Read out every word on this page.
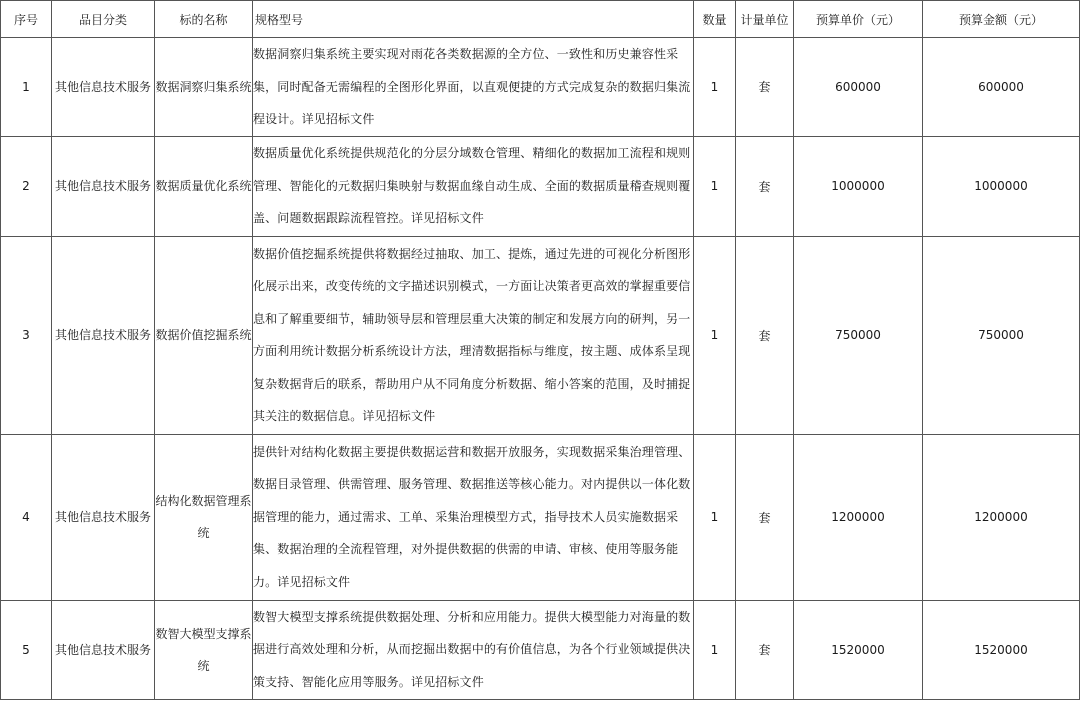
序号	品目分类	标的名称	规格型号	数量	计量单位	预算单价（元）	预算金额（元）
1	其他信息技术服务	数据洞察归集系统	数据洞察归集系统主要实现对雨花各类数据源的全方位、一致性和历史兼容性采集，同时配备无需编程的全图形化界面，以直观便捷的方式完成复杂的数据归集流程设计。详见招标文件	1	套	600000	600000
2	其他信息技术服务	数据质量优化系统	数据质量优化系统提供规范化的分层分域数仓管理、精细化的数据加工流程和规则管理、智能化的元数据归集映射与数据血缘自动生成、全面的数据质量稽查规则覆盖、问题数据跟踪流程管控。详见招标文件	1	套	1000000	1000000
3	其他信息技术服务	数据价值挖掘系统	数据价值挖掘系统提供将数据经过抽取、加工、提炼，通过先进的可视化分析图形化展示出来，改变传统的文字描述识别模式，一方面让决策者更高效的掌握重要信息和了解重要细节，辅助领导层和管理层重大决策的制定和发展方向的研判，另一方面利用统计数据分析系统设计方法，理清数据指标与维度，按主题、成体系呈现复杂数据背后的联系，帮助用户从不同角度分析数据、缩小答案的范围，及时捕捉其关注的数据信息。详见招标文件	1	套	750000	750000
4	其他信息技术服务	结构化数据管理系统	提供针对结构化数据主要提供数据运营和数据开放服务，实现数据采集治理管理、数据目录管理、供需管理、服务管理、数据推送等核心能力。对内提供以一体化数据管理的能力，通过需求、工单、采集治理模型方式，指导技术人员实施数据采集、数据治理的全流程管理，对外提供数据的供需的申请、审核、使用等服务能力。详见招标文件	1	套	1200000	1200000
5	其他信息技术服务	数智大模型支撑系统	数智大模型支撑系统提供数据处理、分析和应用能力。提供大模型能力对海量的数据进行高效处理和分析，从而挖掘出数据中的有价值信息，为各个行业领域提供决策支持、智能化应用等服务。详见招标文件	1	套	1520000	1520000
